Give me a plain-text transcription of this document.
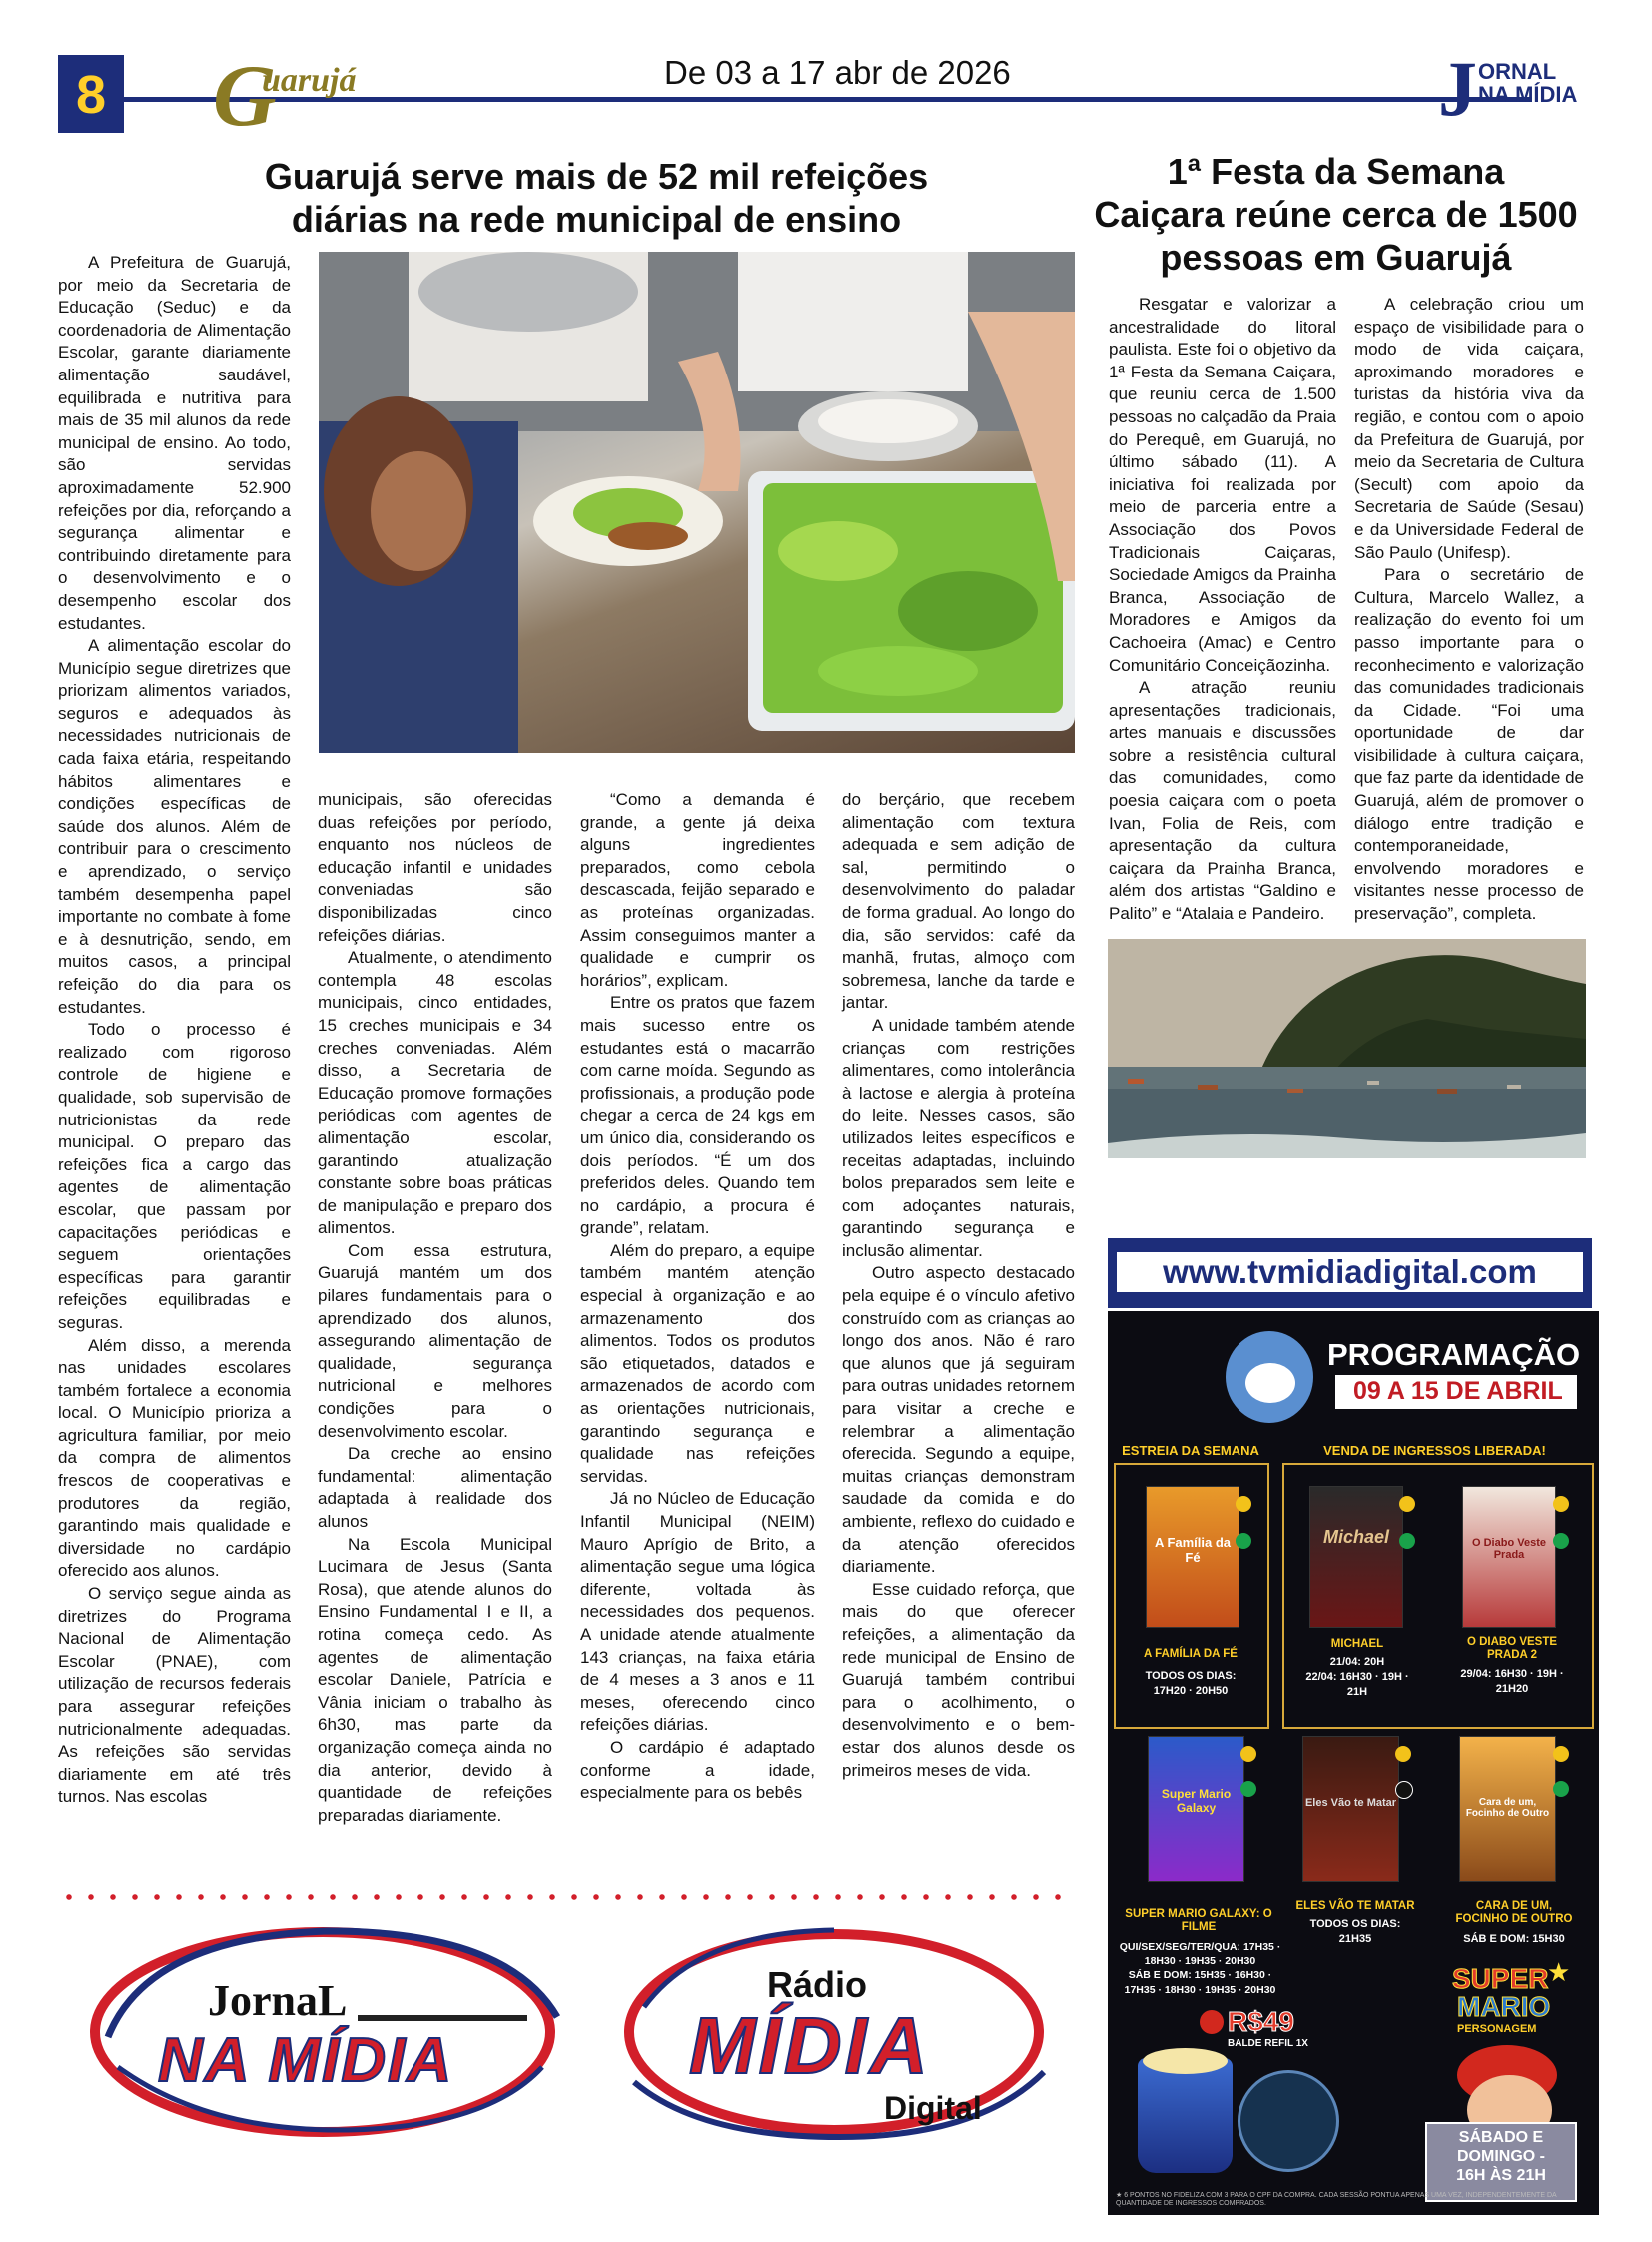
8 G
uarujá	De 03 a 17 abr de 2026	J ORNAL
NA MÍDIA
Guarujá serve mais de 52 mil refeições
diárias na rede municipal de ensino

A Prefeitura de Guarujá, por meio da Secretaria de Educação (Seduc) e da coordenadoria de Alimentação Escolar, garante diariamente alimentação saudável, equilibrada e nutritiva para mais de 35 mil alunos da rede municipal de ensino. Ao todo, são servidas aproximadamente 52.900 refeições por dia, reforçando a segurança alimentar e contribuindo diretamente para o desenvolvimento e o desempenho escolar dos estudantes.

A alimentação escolar do Município segue diretrizes que priorizam alimentos variados, seguros e adequados às necessidades nutricionais de cada faixa etária, respeitando hábitos alimentares e condições específicas de saúde dos alunos. Além de contribuir para o crescimento e aprendizado, o serviço também desempenha papel importante no combate à fome e à desnutrição, sendo, em muitos casos, a principal refeição do dia para os estudantes.

Todo o processo é realizado com rigoroso controle de higiene e qualidade, sob supervisão de nutricionistas da rede municipal. O preparo das refeições fica a cargo das agentes de alimentação escolar, que passam por capacitações periódicas e seguem orientações específicas para garantir refeições equilibradas e seguras.

Além disso, a merenda nas unidades escolares também fortalece a economia local. O Município prioriza a agricultura familiar, por meio da compra de alimentos frescos de cooperativas e produtores da região, garantindo mais qualidade e diversidade no cardápio oferecido aos alunos.

O serviço segue ainda as diretrizes do Programa Nacional de Alimentação Escolar (PNAE), com utilização de recursos federais para assegurar refeições nutricionalmente adequadas. As refeições são servidas diariamente em até três turnos. Nas escolas

municipais, são oferecidas duas refeições por período, enquanto nos núcleos de educação infantil e unidades conveniadas são disponibilizadas cinco refeições diárias.

Atualmente, o atendimento contempla 48 escolas municipais, cinco entidades, 15 creches municipais e 34 creches conveniadas. Além disso, a Secretaria de Educação promove formações periódicas com agentes de alimentação escolar, garantindo atualização constante sobre boas práticas de manipulação e preparo dos alimentos.

Com essa estrutura, Guarujá mantém um dos pilares fundamentais para o aprendizado dos alunos, assegurando alimentação de qualidade, segurança nutricional e melhores condições para o desenvolvimento escolar.

Da creche ao ensino fundamental: alimentação adaptada à realidade dos alunos

Na Escola Municipal Lucimara de Jesus (Santa Rosa), que atende alunos do Ensino Fundamental I e II, a rotina começa cedo. As agentes de alimentação escolar Daniele, Patrícia e Vânia iniciam o trabalho às 6h30, mas parte da organização começa ainda no dia anterior, devido à quantidade de refeições preparadas diariamente.

“Como a demanda é grande, a gente já deixa alguns ingredientes preparados, como cebola descascada, feijão separado e as proteínas organizadas. Assim conseguimos manter a qualidade e cumprir os horários”, explicam.

Entre os pratos que fazem mais sucesso entre os estudantes está o macarrão com carne moída. Segundo as profissionais, a produção pode chegar a cerca de 24 kgs em um único dia, considerando os dois períodos. “É um dos preferidos deles. Quando tem no cardápio, a procura é grande”, relatam.

Além do preparo, a equipe também mantém atenção especial à organização e ao armazenamento dos alimentos. Todos os produtos são etiquetados, datados e armazenados de acordo com as orientações nutricionais, garantindo segurança e qualidade nas refeições servidas.

Já no Núcleo de Educação Infantil Municipal (NEIM) Mauro Aprígio de Brito, a alimentação segue uma lógica diferente, voltada às necessidades dos pequenos. A unidade atende atualmente 143 crianças, na faixa etária de 4 meses a 3 anos e 11 meses, oferecendo cinco refeições diárias.

O cardápio é adaptado conforme a idade, especialmente para os bebês

do berçário, que recebem alimentação com textura adequada e sem adição de sal, permitindo o desenvolvimento do paladar de forma gradual. Ao longo do dia, são servidos: café da manhã, frutas, almoço com sobremesa, lanche da tarde e jantar.

A unidade também atende crianças com restrições alimentares, como intolerância à lactose e alergia à proteína do leite. Nesses casos, são utilizados leites específicos e receitas adaptadas, incluindo bolos preparados sem leite e com adoçantes naturais, garantindo segurança e inclusão alimentar.

Outro aspecto destacado pela equipe é o vínculo afetivo construído com as crianças ao longo dos anos. Não é raro que alunos que já seguiram para outras unidades retornem para visitar a creche e relembrar a alimentação oferecida. Segundo a equipe, muitas crianças demonstram saudade da comida e do ambiente, reflexo do cuidado e da atenção oferecidos diariamente.

Esse cuidado reforça, que mais do que oferecer refeições, a alimentação da rede municipal de Ensino de Guarujá também contribui para o acolhimento, o desenvolvimento e o bem-estar dos alunos desde os primeiros meses de vida.

1ª Festa da Semana
Caiçara reúne cerca de 1500
pessoas em Guarujá

Resgatar e valorizar a ancestralidade do litoral paulista. Este foi o objetivo da 1ª Festa da Semana Caiçara, que reuniu cerca de 1.500 pessoas no calçadão da Praia do Perequê, em Guarujá, no último sábado (11). A iniciativa foi realizada por meio de parceria entre a Associação dos Povos Tradicionais Caiçaras, Sociedade Amigos da Prainha Branca, Associação de Moradores e Amigos da Cachoeira (Amac) e Centro Comunitário Conceiçãozinha.

A atração reuniu apresentações tradicionais, artes manuais e discussões sobre a resistência cultural das comunidades, como poesia caiçara com o poeta Ivan, Folia de Reis, com apresentação da cultura caiçara da Prainha Branca, além dos artistas “Galdino e Palito” e “Atalaia e Pandeiro.

A celebração criou um espaço de visibilidade para o modo de vida caiçara, aproximando moradores e turistas da história viva da região, e contou com o apoio da Prefeitura de Guarujá, por meio da Secretaria de Cultura (Secult) com apoio da Secretaria de Saúde (Sesau) e da Universidade Federal de São Paulo (Unifesp).

Para o secretário de Cultura, Marcelo Wallez, a realização do evento foi um passo importante para o reconhecimento e valorização das comunidades tradicionais da Cidade. “Foi uma oportunidade de dar visibilidade à cultura caiçara, que faz parte da identidade de Guarujá, além de promover o diálogo entre tradição e contemporaneidade, envolvendo moradores e visitantes nesse processo de preservação”, completa.

JornaL
NA MÍDIA
Rádio
MÍDIA
Digital
www.tvmidiadigital.com
PROGRAMAÇÃO
09 A 15 DE ABRIL
ESTREIA DA SEMANA	VENDA DE INGRESSOS LIBERADA!
A Família da Fé
Michael	O Diabo Veste Prada
A FAMÍLIA DA FÉ
TODOS OS DIAS:
17H20 · 20H50
MICHAEL
21/04: 20H
22/04: 16H30 · 19H ·
21H
O DIABO VESTE
PRADA 2
29/04: 16H30 · 19H ·
21H20
Super Mario Galaxy	Eles Vão te Matar	Cara de um, Focinho de Outro
SUPER MARIO GALAXY: O
FILME
QUI/SEX/SEG/TER/QUA: 17H35 ·
18H30 · 19H35 · 20H30
SÁB E DOM: 15H35 · 16H30 ·
17H35 · 18H30 · 19H35 · 20H30
ELES VÃO TE MATAR
TODOS OS DIAS:
21H35
CARA DE UM,
FOCINHO DE OUTRO
SÁB E DOM: 15H30
SUPER
MARIO
PERSONAGEM
★
R$49
BALDE REFIL 1X
SÁBADO E
DOMINGO -
16H ÀS 21H
★ 6 PONTOS NO FIDELIZA COM 3 PARA O CPF DA COMPRA. CADA SESSÃO PONTUA APENAS UMA VEZ, INDEPENDENTEMENTE DA QUANTIDADE DE INGRESSOS COMPRADOS.
